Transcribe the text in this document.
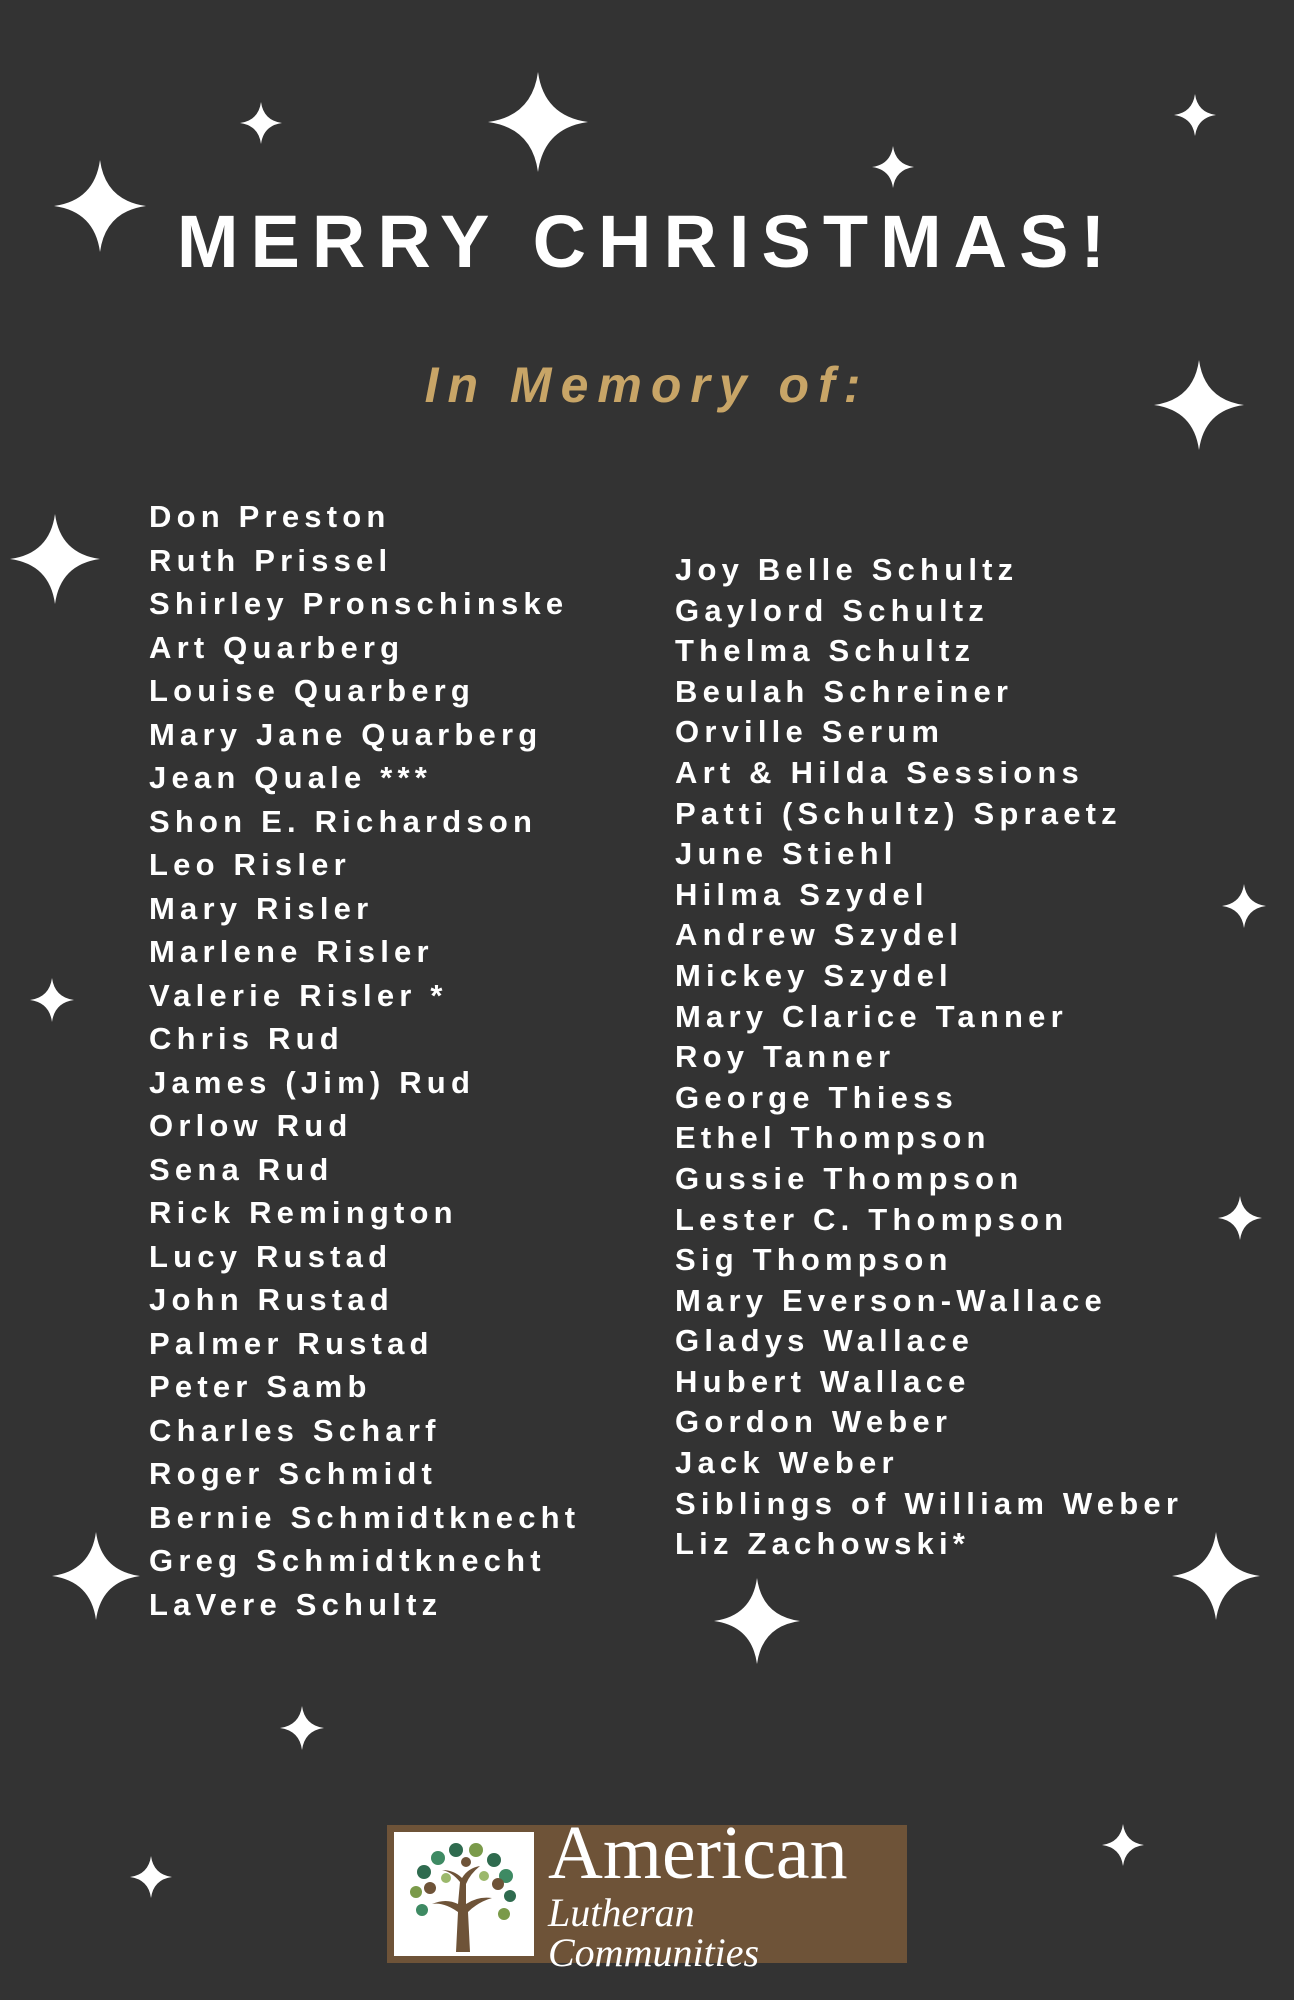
MERRY CHRISTMAS!
In Memory of:
Don Preston
Ruth Prissel
Shirley Pronschinske
Art Quarberg
Louise Quarberg
Mary Jane Quarberg
Jean Quale ***
Shon E. Richardson
Leo Risler
Mary Risler
Marlene Risler
Valerie Risler *
Chris Rud
James (Jim) Rud
Orlow Rud
Sena Rud
Rick Remington
Lucy Rustad
John Rustad
Palmer Rustad
Peter Samb
Charles Scharf
Roger Schmidt
Bernie Schmidtknecht
Greg Schmidtknecht
LaVere Schultz
Joy Belle Schultz
Gaylord Schultz
Thelma Schultz
Beulah Schreiner
Orville Serum
Art & Hilda Sessions
Patti (Schultz) Spraetz
June Stiehl
Hilma Szydel
Andrew Szydel
Mickey Szydel
Mary Clarice Tanner
Roy Tanner
George Thiess
Ethel Thompson
Gussie Thompson
Lester C. Thompson
Sig Thompson
Mary Everson-Wallace
Gladys Wallace
Hubert Wallace
Gordon Weber
Jack Weber
Siblings of William Weber
Liz Zachowski*
American
Lutheran Communities
